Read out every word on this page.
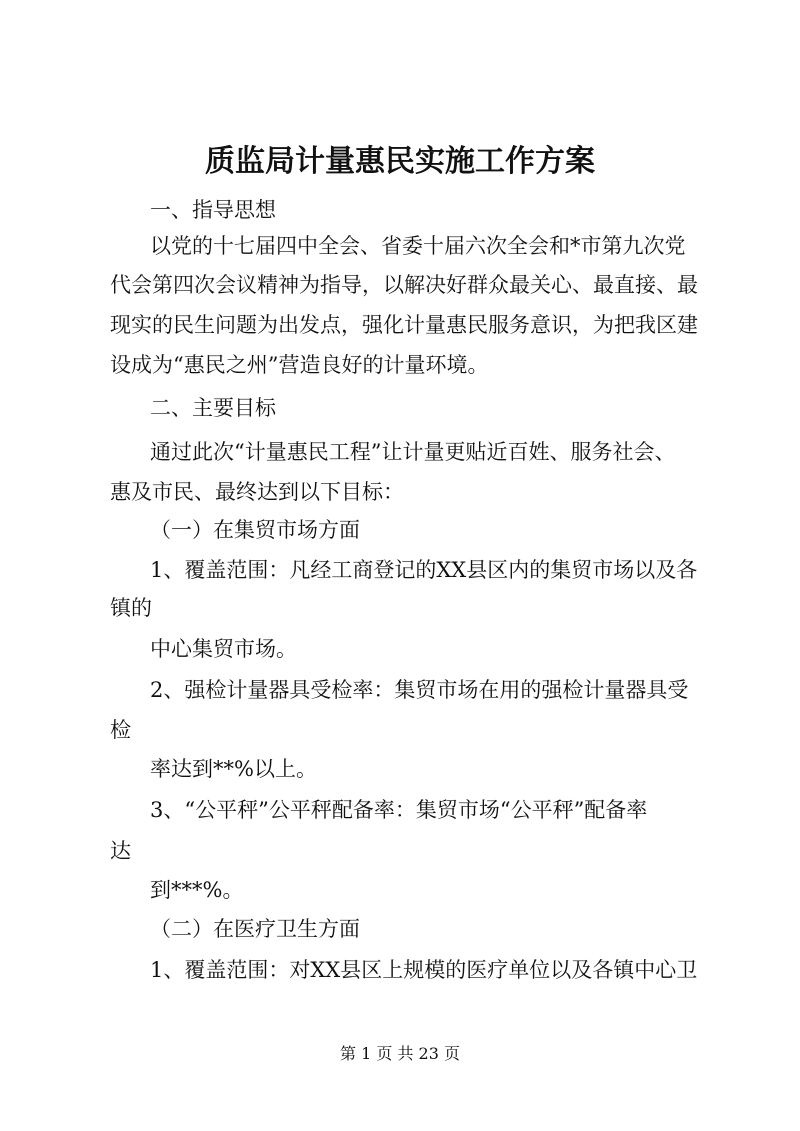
质监局计量惠民实施工作方案

一、指导思想

以党的十七届四中全会、省委十届六次全会和*市第九次党

代会第四次会议精神为指导，以解决好群众最关心、最直接、最

现实的民生问题为出发点，强化计量惠民服务意识，为把我区建

设成为“惠民之州”营造良好的计量环境。

二、主要目标

通过此次“计量惠民工程”让计量更贴近百姓、服务社会、

惠及市民、最终达到以下目标：

（一）在集贸市场方面

1、覆盖范围：凡经工商登记的XX县区内的集贸市场以及各

镇的

中心集贸市场。

2、强检计量器具受检率：集贸市场在用的强检计量器具受

检

率达到**%以上。

3、“公平秤”公平秤配备率：集贸市场“公平秤”配备率

达

到***%。

（二）在医疗卫生方面

1、覆盖范围：对XX县区上规模的医疗单位以及各镇中心卫

第 1 页 共 23 页
